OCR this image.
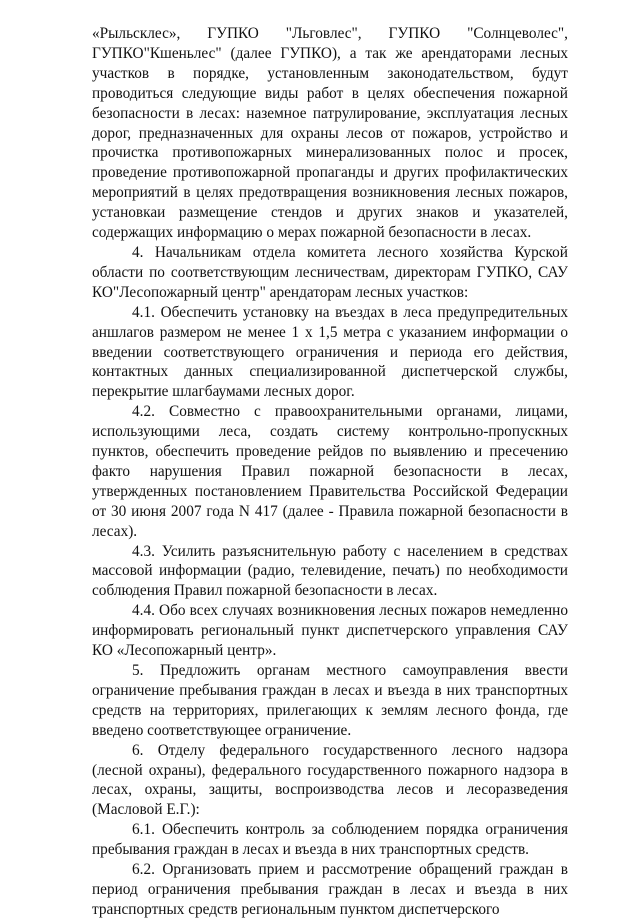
«Рыльсклес», ГУПКО "Льговлес", ГУПКО "Солнцеволес", ГУПКО"Кшеньлес" (далее ГУПКО), а так же арендаторами лесных участков в порядке, установленным законодательством, будут проводиться следующие виды работ в целях обеспечения пожарной безопасности в лесах: наземное патрулирование, эксплуатация лесных дорог, предназначенных для охраны лесов от пожаров, устройство и прочистка противопожарных минерализованных полос и просек, проведение противопожарной пропаганды и других профилактических мероприятий в целях предотвращения возникновения лесных пожаров, установкаи размещение стендов и других знаков и указателей, содержащих информацию о мерах пожарной безопасности в лесах.

4. Начальникам отдела комитета лесного хозяйства Курской области по соответствующим лесничествам, директорам ГУПКО, САУ КО"Лесопожарный центр" арендаторам лесных участков:

4.1. Обеспечить установку на въездах в леса предупредительных аншлагов размером не менее 1 х 1,5 метра с указанием информации о введении соответствующего ограничения и периода его действия, контактных данных специализированной диспетчерской службы, перекрытие шлагбаумами лесных дорог.

4.2. Совместно с правоохранительными органами, лицами, использующими леса, создать систему контрольно-пропускных пунктов, обеспечить проведение рейдов по выявлению и пресечению факто нарушения Правил пожарной безопасности в лесах, утвержденных постановлением Правительства Российской Федерации от 30 июня 2007 года N 417 (далее - Правила пожарной безопасности в лесах).

4.3. Усилить разъяснительную работу с населением в средствах массовой информации (радио, телевидение, печать) по необходимости соблюдения Правил пожарной безопасности в лесах.

4.4. Обо всех случаях возникновения лесных пожаров немедленно информировать региональный пункт диспетчерского управления САУ КО «Лесопожарный центр».

5. Предложить органам местного самоуправления ввести ограничение пребывания граждан в лесах и въезда в них транспортных средств на территориях, прилегающих к землям лесного фонда, где введено соответствующее ограничение.

6. Отделу федерального государственного лесного надзора (лесной охраны), федерального государственного пожарного надзора в лесах, охраны, защиты, воспроизводства лесов и лесоразведения (Масловой Е.Г.):

6.1. Обеспечить контроль за соблюдением порядка ограничения пребывания граждан в лесах и въезда в них транспортных средств.

6.2. Организовать прием и рассмотрение обращений граждан в период ограничения пребывания граждан в лесах и въезда в них транспортных средств региональным пунктом диспетчерского
